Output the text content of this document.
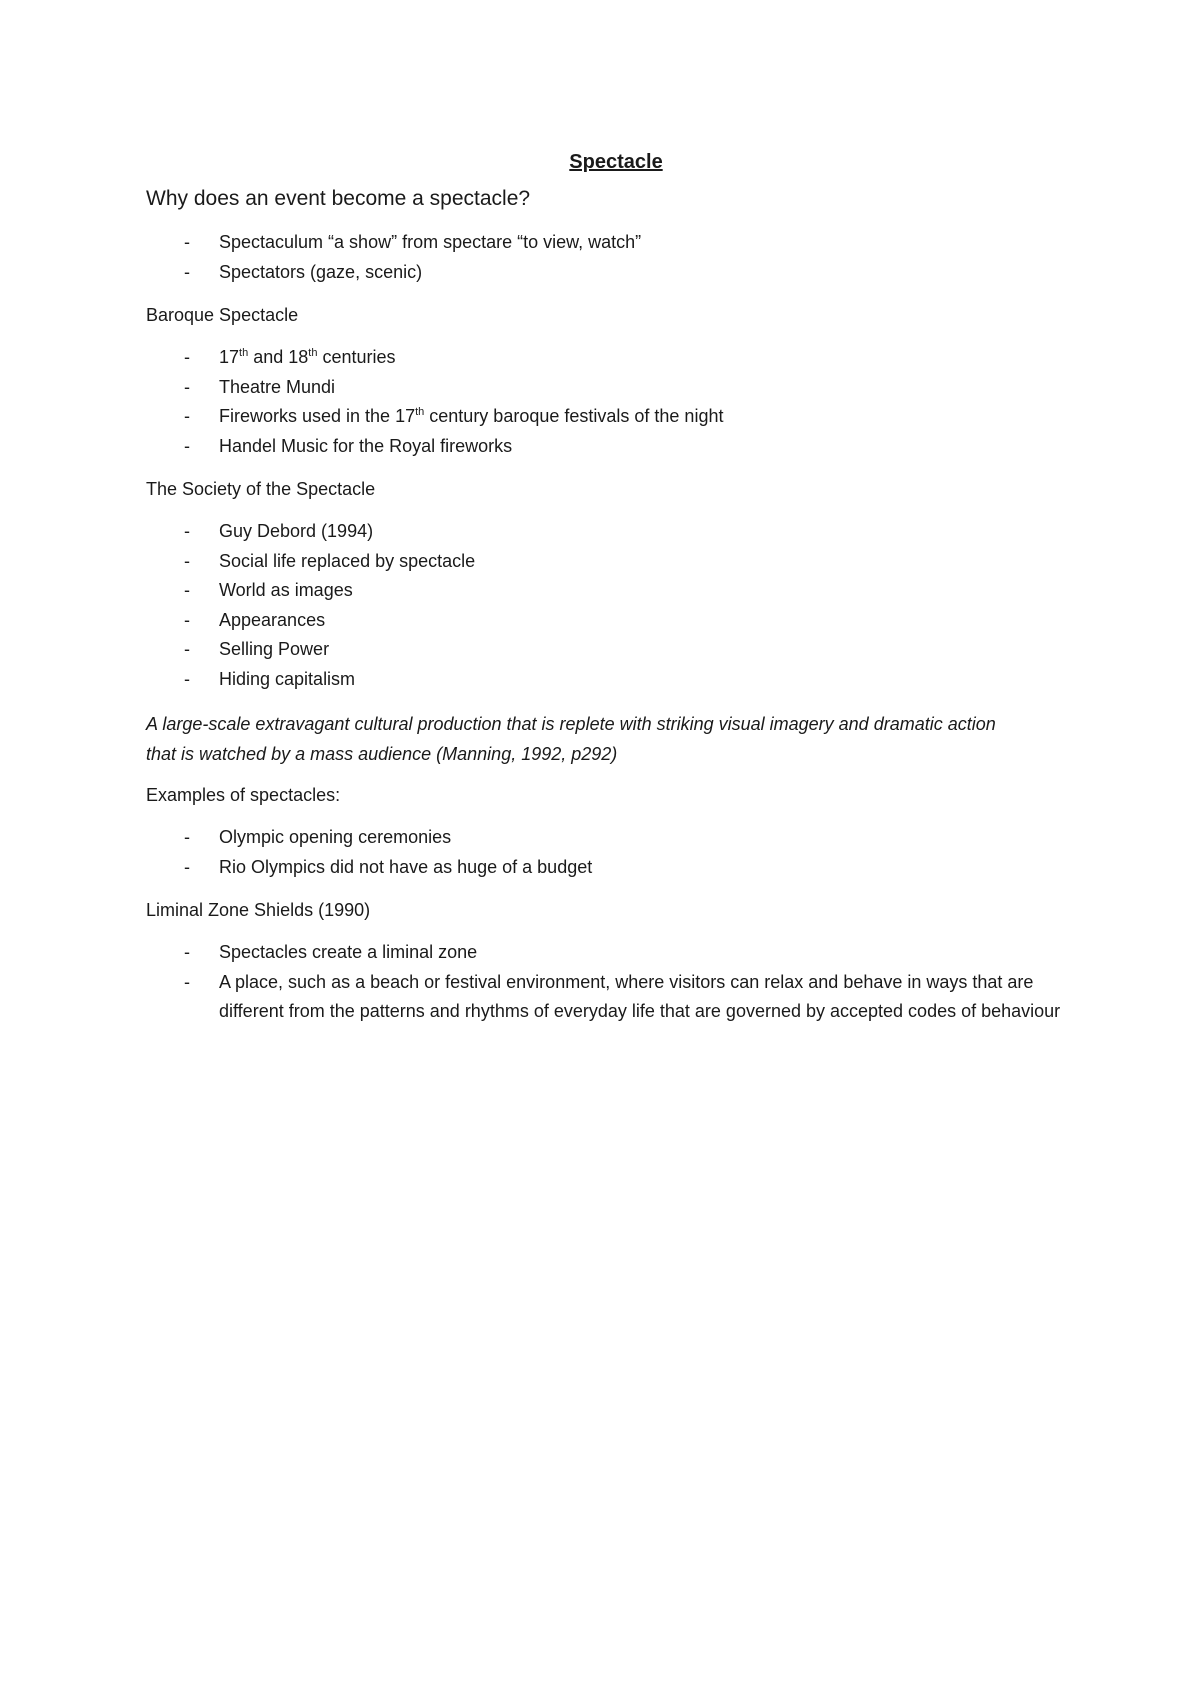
Spectacle
Why does an event become a spectacle?
- Spectaculum “a show” from spectare “to view, watch”
- Spectators (gaze, scenic)

Baroque Spectacle

- 17th and 18th centuries
- Theatre Mundi
- Fireworks used in the 17th century baroque festivals of the night
- Handel Music for the Royal fireworks

The Society of the Spectacle

- Guy Debord (1994)
- Social life replaced by spectacle
- World as images
- Appearances
- Selling Power
- Hiding capitalism

A large-scale extravagant cultural production that is replete with striking visual imagery and dramatic action that is watched by a mass audience (Manning, 1992, p292)

Examples of spectacles:

- Olympic opening ceremonies
- Rio Olympics did not have as huge of a budget

Liminal Zone Shields (1990)

- Spectacles create a liminal zone
- A place, such as a beach or festival environment, where visitors can relax and behave in ways that are different from the patterns and rhythms of everyday life that are governed by accepted codes of behaviour
